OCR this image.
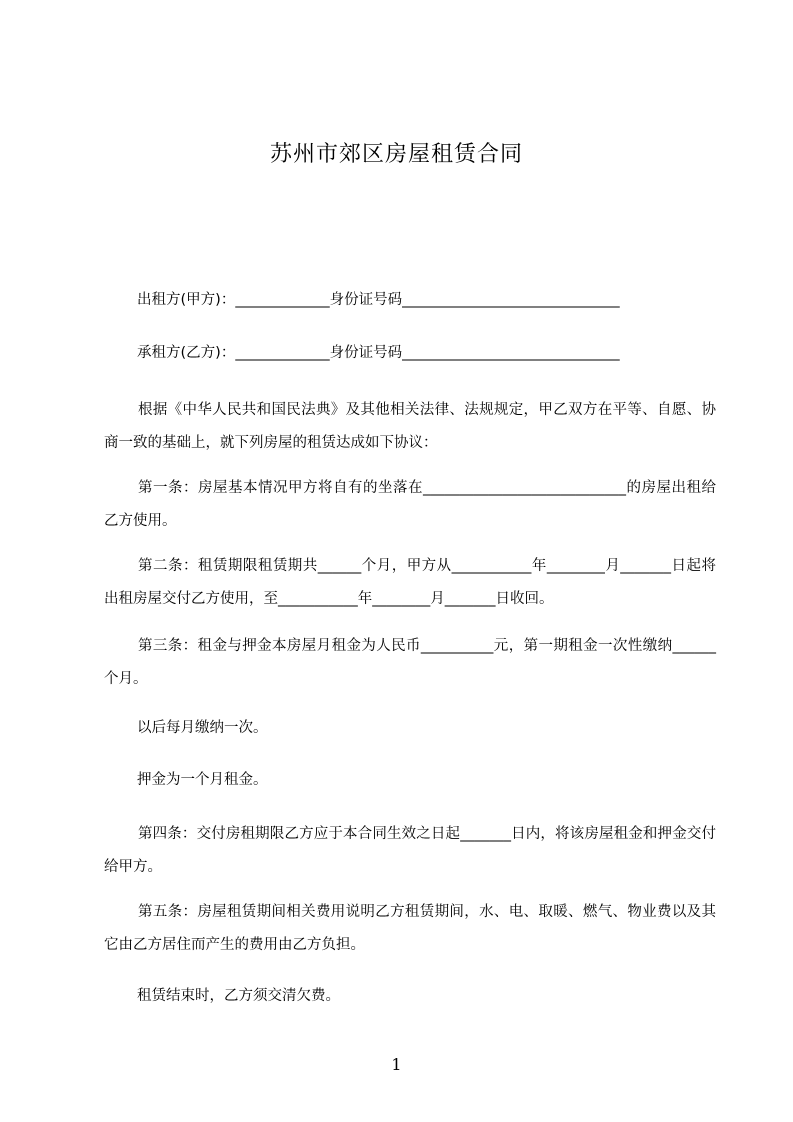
苏州市郊区房屋租赁合同
出租方(甲方)：_____________身份证号码______________________________
承租方(乙方)：_____________身份证号码______________________________
根据《中华人民共和国民法典》及其他相关法律、法规规定，甲乙双方在平等、自愿、协商一致的基础上，就下列房屋的租赁达成如下协议：
第一条：房屋基本情况甲方将自有的坐落在____________________________的房屋出租给乙方使用。
第二条：租赁期限租赁期共______个月，甲方从___________年________月_______日起将出租房屋交付乙方使用，至___________年________月_______日收回。
第三条：租金与押金本房屋月租金为人民币__________元，第一期租金一次性缴纳______个月。
以后每月缴纳一次。
押金为一个月租金。
第四条：交付房租期限乙方应于本合同生效之日起_______日内，将该房屋租金和押金交付给甲方。
第五条：房屋租赁期间相关费用说明乙方租赁期间，水、电、取暖、燃气、物业费以及其它由乙方居住而产生的费用由乙方负担。
租赁结束时，乙方须交清欠费。
1
